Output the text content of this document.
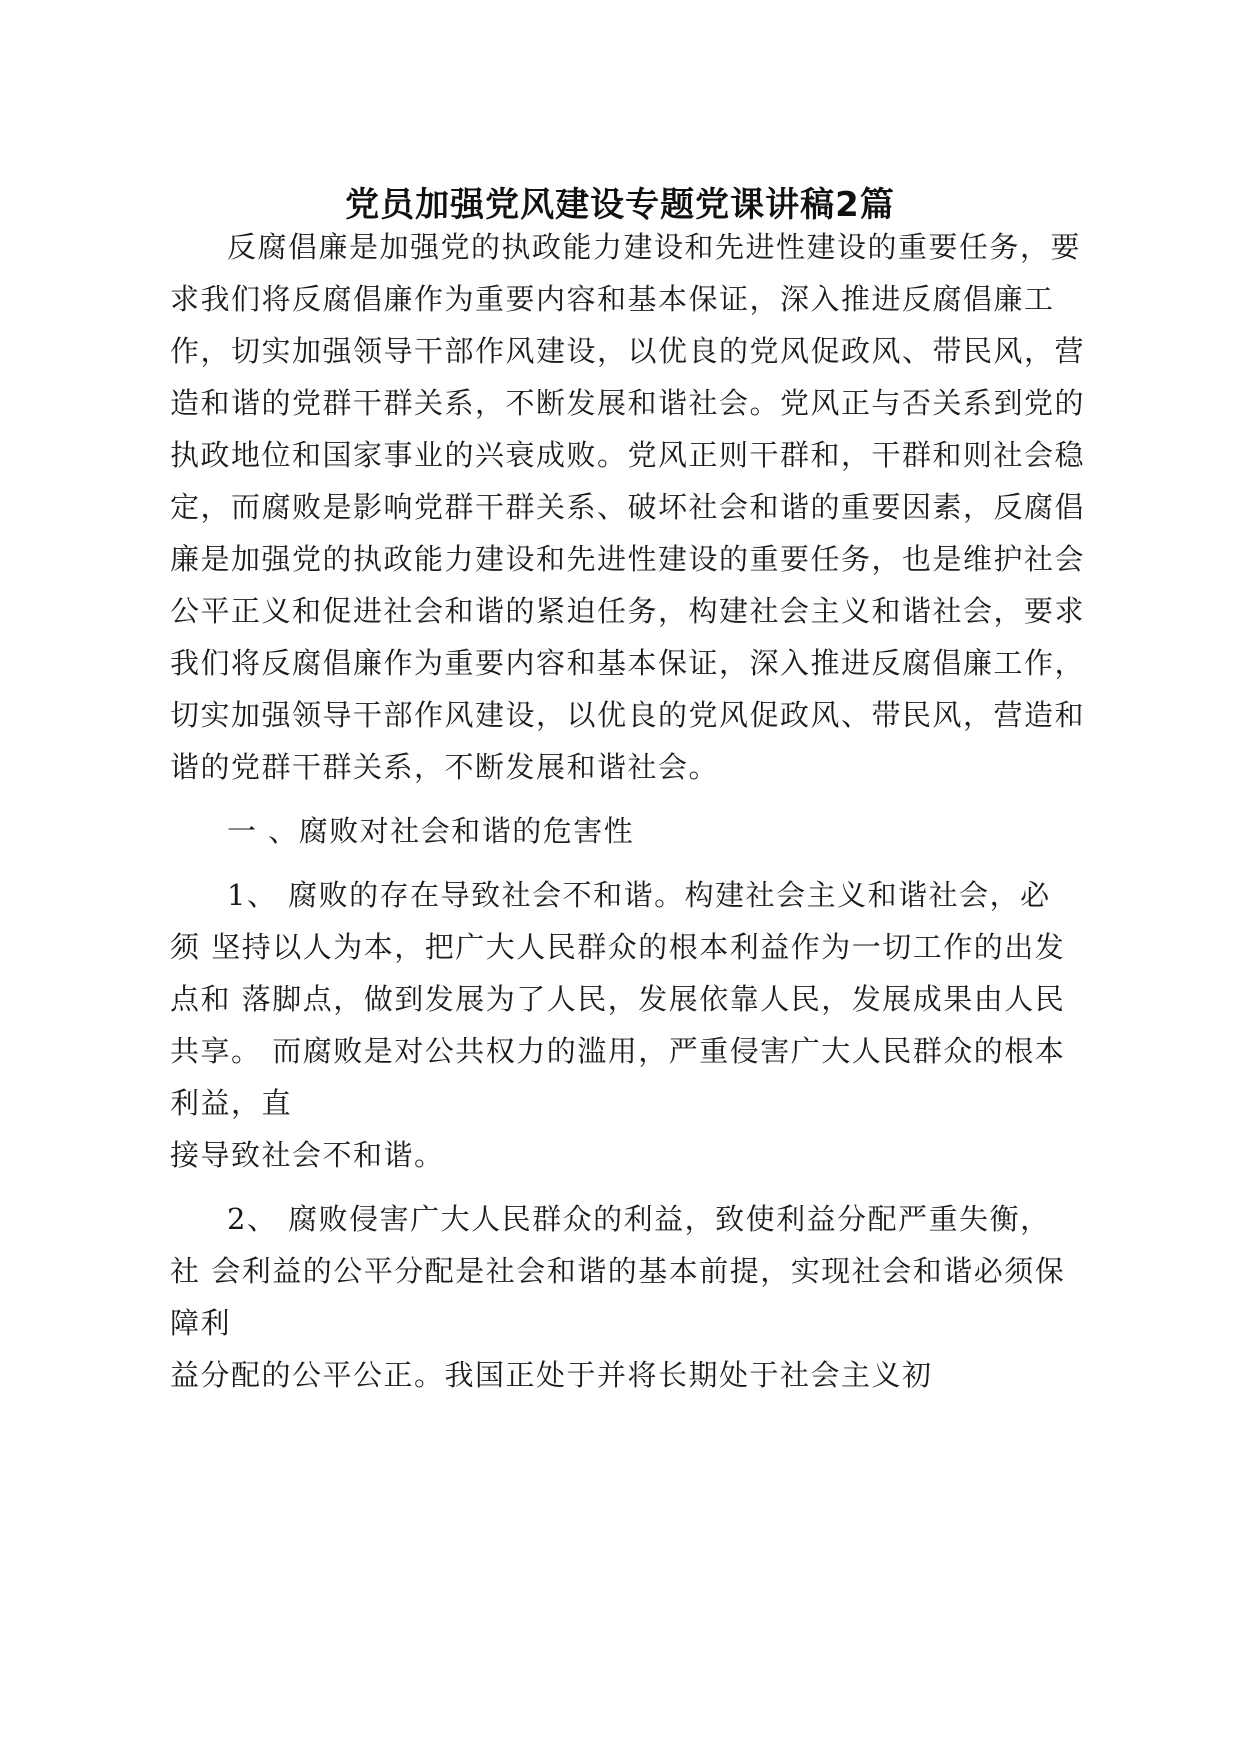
党员加强党风建设专题党课讲稿2篇
反腐倡廉是加强党的执政能力建设和先进性建设的重要任务，要
求我们将反腐倡廉作为重要内容和基本保证，深入推进反腐倡廉工
作，切实加强领导干部作风建设，以优良的党风促政风、带民风，营
造和谐的党群干群关系，不断发展和谐社会。党风正与否关系到党的
执政地位和国家事业的兴衰成败。党风正则干群和，干群和则社会稳
定，而腐败是影响党群干群关系、破坏社会和谐的重要因素，反腐倡
廉是加强党的执政能力建设和先进性建设的重要任务，也是维护社会
公平正义和促进社会和谐的紧迫任务，构建社会主义和谐社会，要求
我们将反腐倡廉作为重要内容和基本保证，深入推进反腐倡廉工作，
切实加强领导干部作风建设，以优良的党风促政风、带民风，营造和
谐的党群干群关系，不断发展和谐社会。
一 、腐败对社会和谐的危害性
1、 腐败的存在导致社会不和谐。构建社会主义和谐社会，必
须 坚持以人为本，把广大人民群众的根本利益作为一切工作的出发
点和 落脚点，做到发展为了人民，发展依靠人民，发展成果由人民
共享。 而腐败是对公共权力的滥用，严重侵害广大人民群众的根本
利益，直
接导致社会不和谐。
2、 腐败侵害广大人民群众的利益，致使利益分配严重失衡，
社 会利益的公平分配是社会和谐的基本前提，实现社会和谐必须保
障利
益分配的公平公正。我国正处于并将长期处于社会主义初
